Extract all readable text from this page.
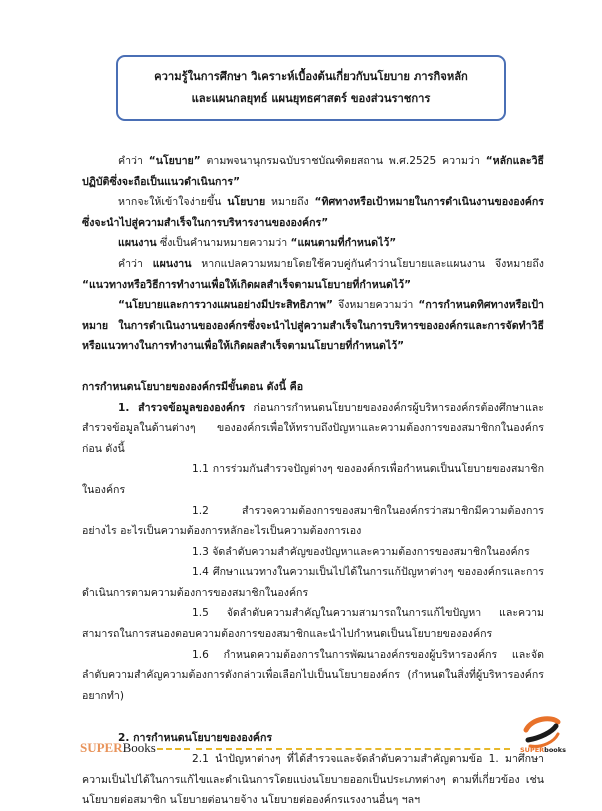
ความรู้ในการศึกษา วิเคราะห์เบื้องต้นเกี่ยวกับนโยบาย ภารกิจหลัก
และแผนกลยุทธ์ แผนยุทธศาสตร์ ของส่วนราชการ

คำว่า “นโยบาย” ตามพจนานุกรมฉบับราชบัณฑิตยสถาน พ.ศ.2525 ความว่า “หลักและวิธีปฏิบัติซึ่งจะถือเป็นแนวดำเนินการ”

หากจะให้เข้าใจง่ายขึ้น นโยบาย หมายถึง “ทิศทางหรือเป้าหมายในการดำเนินงานขององค์กรซึ่งจะนำไปสู่ความสำเร็จในการบริหารงานขององค์กร”

แผนงาน ซึ่งเป็นคำนามหมายความว่า “แผนตามที่กำหนดไว้”

คำว่า แผนงาน หากแปลความหมายโดยใช้ควบคู่กันคำว่านโยบายและแผนงาน จึงหมายถึง “แนวทางหรือวิธีการทำงานเพื่อให้เกิดผลสำเร็จตามนโยบายที่กำหนดไว้”

“นโยบายและการวางแผนอย่างมีประสิทธิภาพ” จึงหมายความว่า “การกำหนดทิศทางหรือเป้าหมาย ในการดำเนินงานขององค์กรซึ่งจะนำไปสู่ความสำเร็จในการบริหารขององค์กรและการจัดทำวิธีหรือแนวทางในการทำงานเพื่อให้เกิดผลสำเร็จตามนโยบายที่กำหนดไว้”

การกำหนดนโยบายขององค์กรมีขั้นตอน ดังนี้ คือ

1. สำรวจข้อมูลขององค์กร ก่อนการกำหนดนโยบายขององค์กรผู้บริหารองค์กรต้องศึกษาและสำรวจข้อมูลในด้านต่างๆ ขององค์กรเพื่อให้ทราบถึงปัญหาและความต้องการของสมาชิกกในองค์กรก่อน ดังนี้

1.1 การร่วมกันสำรวจปัญต่างๆ ขององค์กรเพื่อกำหนดเป็นนโยบายของสมาชิกในองค์กร

1.2 สำรวจความต้องการของสมาชิกในองค์กรว่าสมาชิกมีความต้องการอย่างไร อะไรเป็นความต้องการหลักอะไรเป็นความต้องการเอง

1.3 จัดลำดับความสำคัญของปัญหาและความต้องการของสมาชิกในองค์กร

1.4 ศึกษาแนวทางในความเป็นไปได้ในการแก้ปัญหาต่างๆ ขององค์กรและการดำเนินการตามความต้องการของสมาชิกในองค์กร

1.5 จัดลำดับความสำคัญในความสามารถในการแก้ไขปัญหา และความสามารถในการสนองตอบความต้องการของสมาชิกและนำไปกำหนดเป็นนโยบายขององค์กร

1.6 กำหนดความต้องการในการพัฒนาองค์กรของผู้บริหารองค์กร และจัดลำดับความสำคัญความต้องการดังกล่าวเพื่อเลือกไปเป็นนโยบายองค์กร (กำหนดในสิ่งที่ผู้บริหารองค์กรอยากทำ)

2. การกำหนดนโยบายขององค์กร

2.1 นำปัญหาต่างๆ ที่ได้สำรวจและจัดลำดับความสำคัญตามข้อ 1. มาศึกษาความเป็นไปได้ในการแก้ไขและดำเนินการโดยแบ่งนโยบายออกเป็นประเภทต่างๆ ตามที่เกี่ยวข้อง เช่น นโยบายต่อสมาชิก นโยบายต่อนายจ้าง นโยบายต่อองค์กรแรงงานอื่นๆ ฯลฯ

SUPERBooks	SUPERbooks
